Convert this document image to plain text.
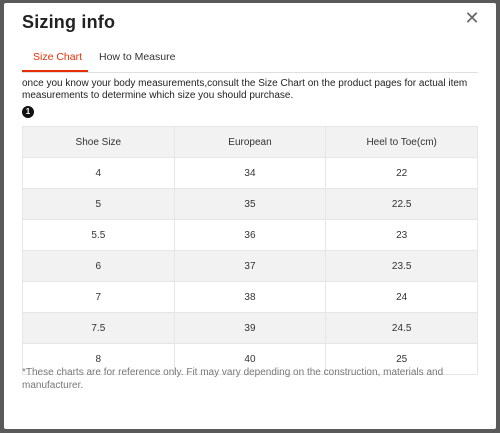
Sizing info	✕
Size Chart	How to Measure
once you know your body measurements,consult the Size Chart on the product pages for actual item measurements to determine which size you should purchase.
1
Shoe Size	European	Heel to Toe(cm)
4	34	22
5	35	22.5
5.5	36	23
6	37	23.5
7	38	24
7.5	39	24.5
8	40	25
*These charts are for reference only. Fit may vary depending on the construction, materials and manufacturer.
